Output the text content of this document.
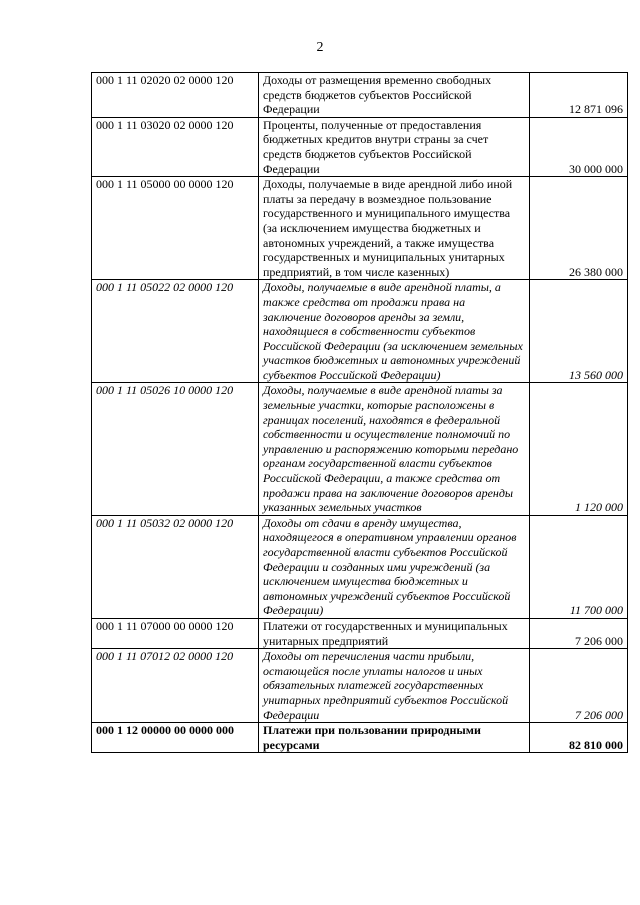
2
000 1 11 02020 02 0000 120	Доходы от размещения временно свободных средств бюджетов субъектов Российской Федерации	12 871 096
000 1 11 03020 02 0000 120	Проценты, полученные от предоставления бюджетных кредитов внутри страны за счет средств бюджетов субъектов Российской Федерации	30 000 000
000 1 11 05000 00 0000 120	Доходы, получаемые в виде арендной либо иной платы за передачу в возмездное пользование государственного и муниципального имущества (за исключением имущества бюджетных и автономных учреждений, а также имущества государственных и муниципальных унитарных предприятий, в том числе казенных)	26 380 000
000 1 11 05022 02 0000 120	Доходы, получаемые в виде арендной платы, а также средства от продажи права на заключение договоров аренды за земли, находящиеся в собственности субъектов Российской Федерации (за исключением земельных участков бюджетных и автономных учреждений субъектов Российской Федерации)	13 560 000
000 1 11 05026 10 0000 120	Доходы, получаемые в виде арендной платы за земельные участки, которые расположены в границах поселений, находятся в федеральной собственности и осуществление полномочий по управлению и распоряжению которыми передано органам государственной власти субъектов Российской Федерации, а также средства от продажи права на заключение договоров аренды указанных земельных участков	1 120 000
000 1 11 05032 02 0000 120	Доходы от сдачи в аренду имущества, находящегося в оперативном управлении органов государственной власти субъектов Российской Федерации и созданных ими учреждений (за исключением имущества бюджетных и автономных учреждений субъектов Российской Федерации)	11 700 000
000 1 11 07000 00 0000 120	Платежи от государственных и муниципальных унитарных предприятий	7 206 000
000 1 11 07012 02 0000 120	Доходы от перечисления части прибыли, остающейся после уплаты налогов и иных обязательных платежей государственных унитарных предприятий субъектов Российской Федерации	7 206 000
000 1 12 00000 00 0000 000	Платежи при пользовании природными ресурсами	82 810 000
